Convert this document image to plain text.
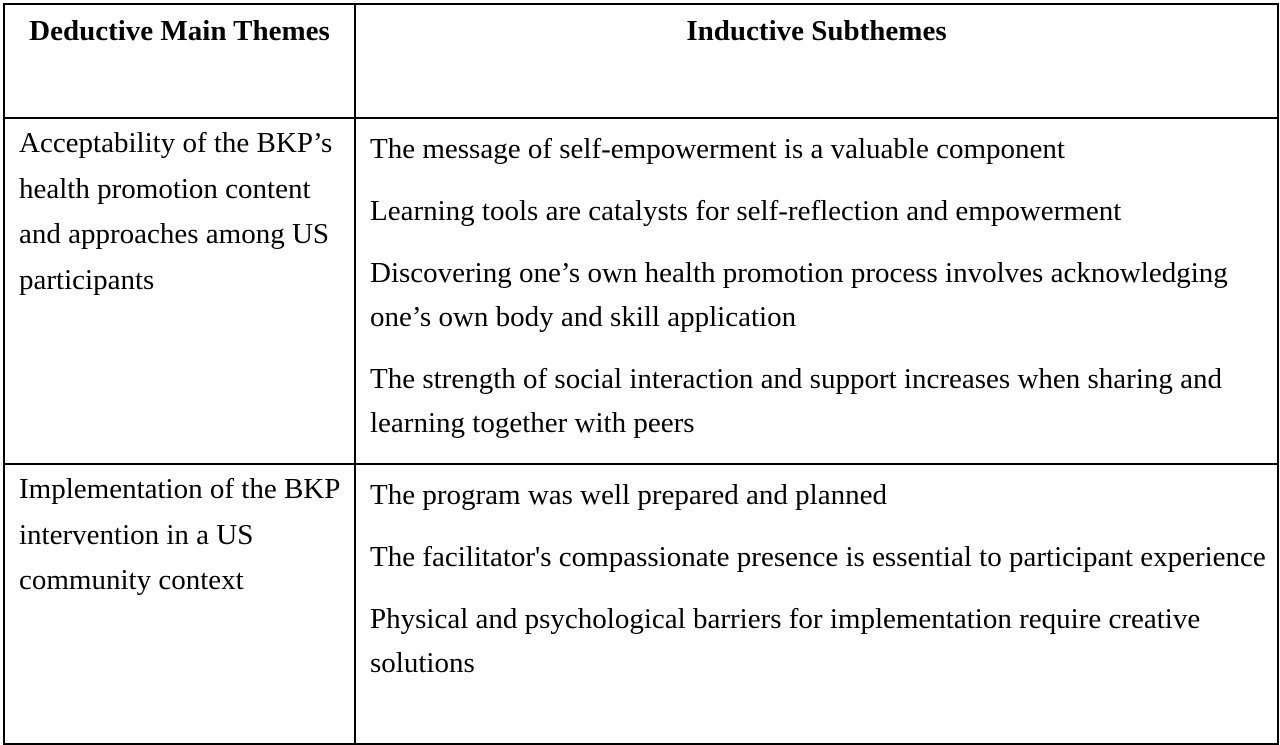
Deductive Main Themes	Inductive Subthemes
Acceptability of the BKP’s health promotion content and approaches among US participants	The message of self-empowerment is a valuable component

Learning tools are catalysts for self-reflection and empowerment

Discovering one’s own health promotion process involves acknowledging one’s own body and skill application

The strength of social interaction and support increases when sharing and learning together with peers

Implementation of the BKP intervention in a US community context	The program was well prepared and planned

The facilitator's compassionate presence is essential to participant experience

Physical and psychological barriers for implementation require creative solutions
